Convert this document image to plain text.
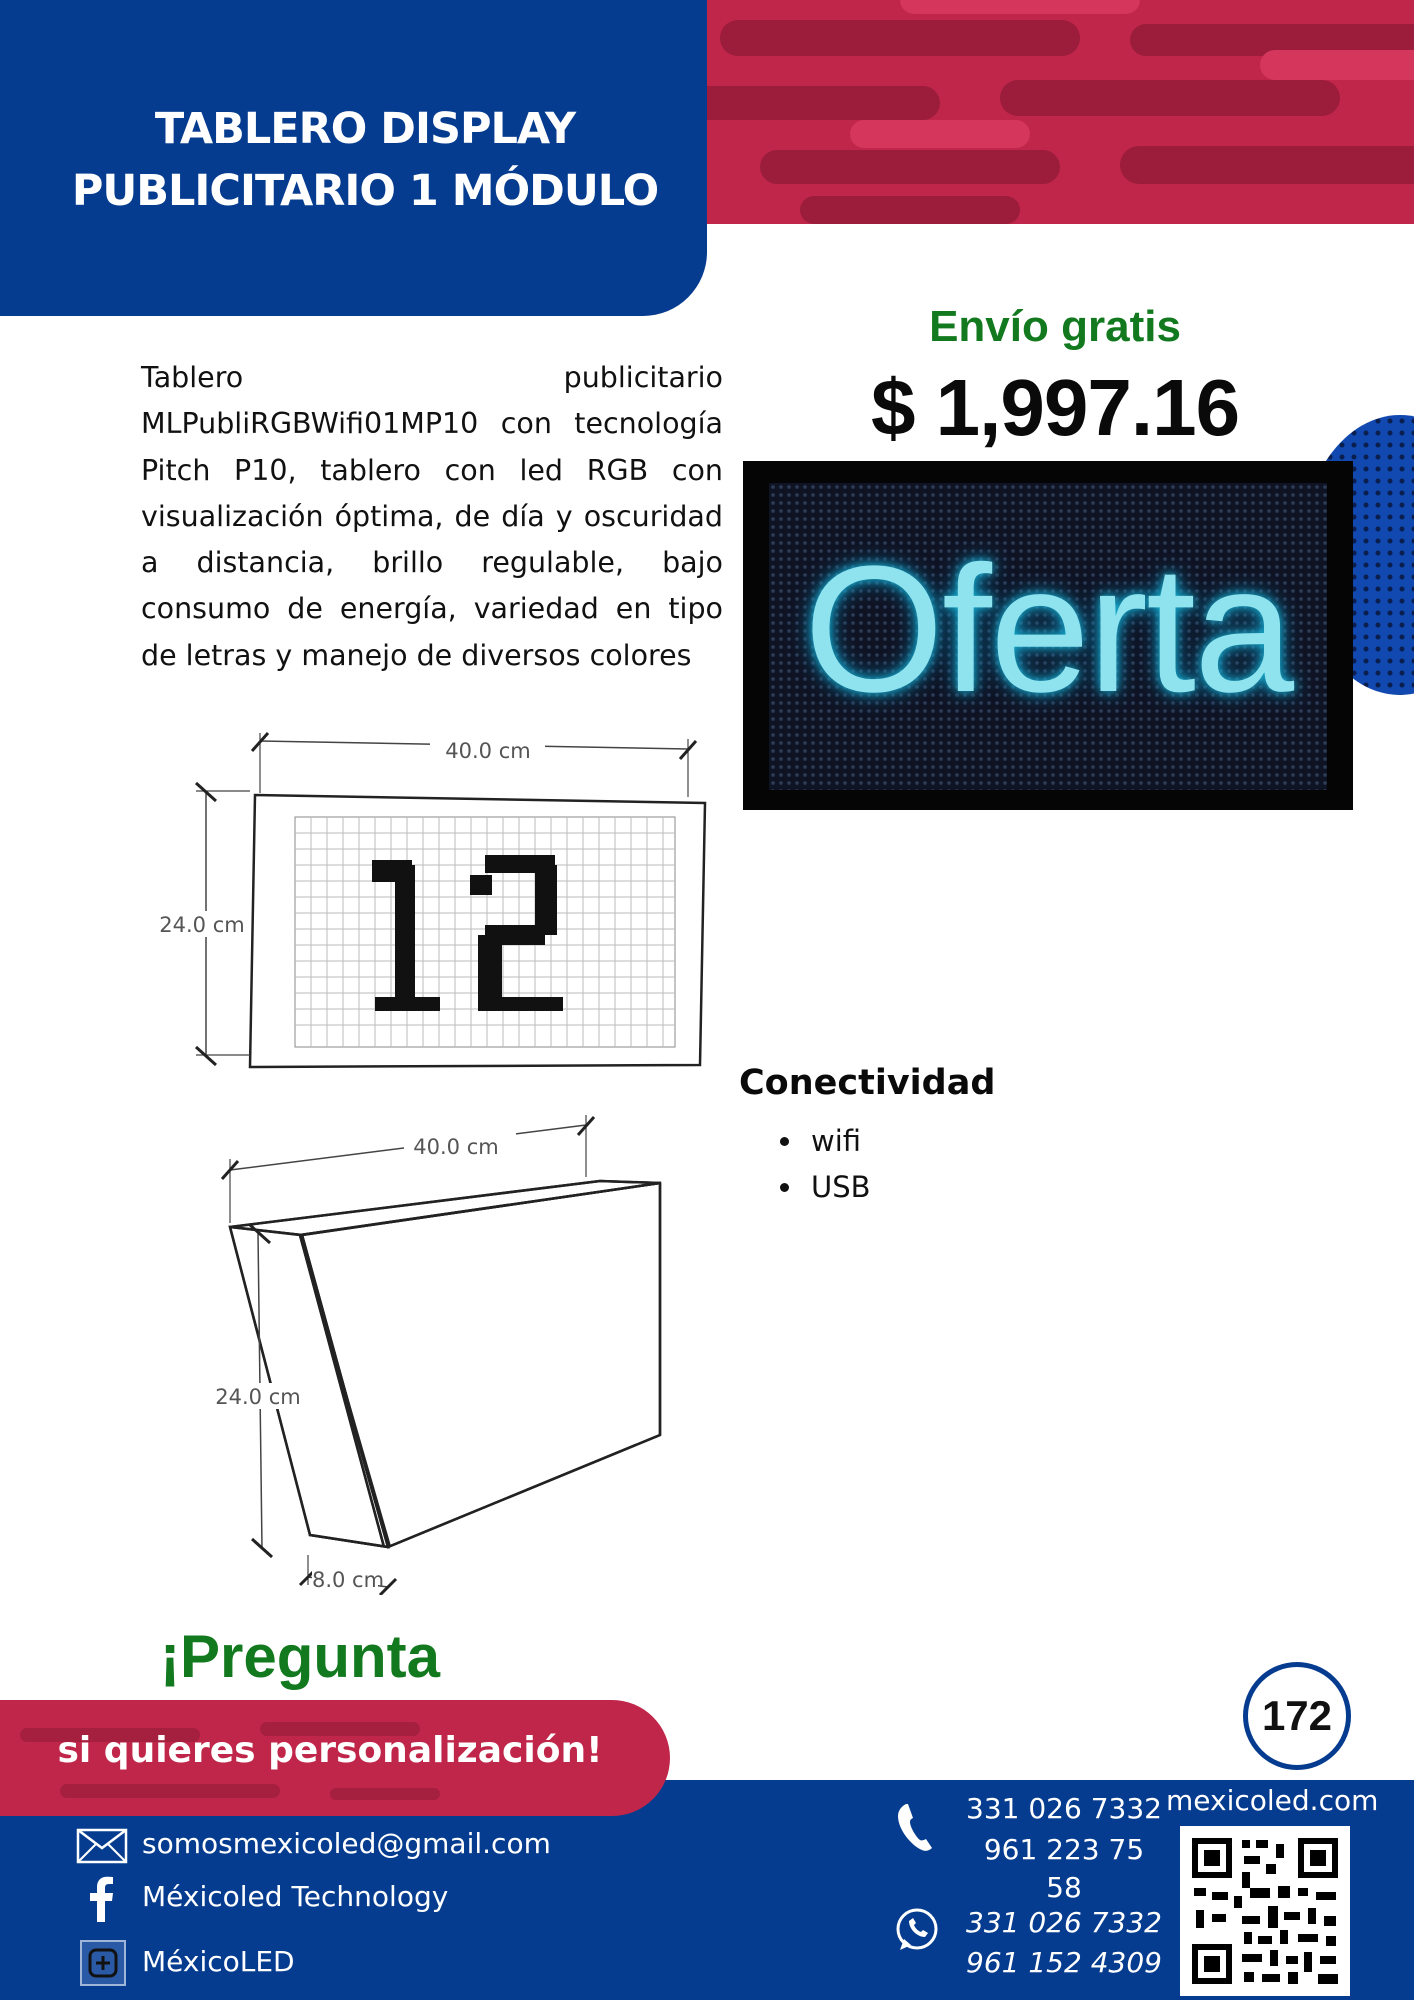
TABLERO DISPLAY
PUBLICITARIO 1 MÓDULO
Tablero publicitario MLPubliRGBWifi01MP10 con tecnología Pitch P10, tablero con led RGB con visualización óptima, de día y oscuridad a distancia, brillo regulable, bajo consumo de energía, variedad en tipo de letras y manejo de diversos colores
Envío gratis
$ 1,997.16
Oferta
40.0 cm
24.0 cm
40.0 cm
24.0 cm
8.0 cm
Conectividad
• wifi
• USB
¡Pregunta
172
si quieres personalización!
somosmexicoled@gmail.com
Méxicoled Technology
MéxicoLED
331 026 7332
961 223 75 58
331 026 7332
961 152 4309
mexicoled.com
